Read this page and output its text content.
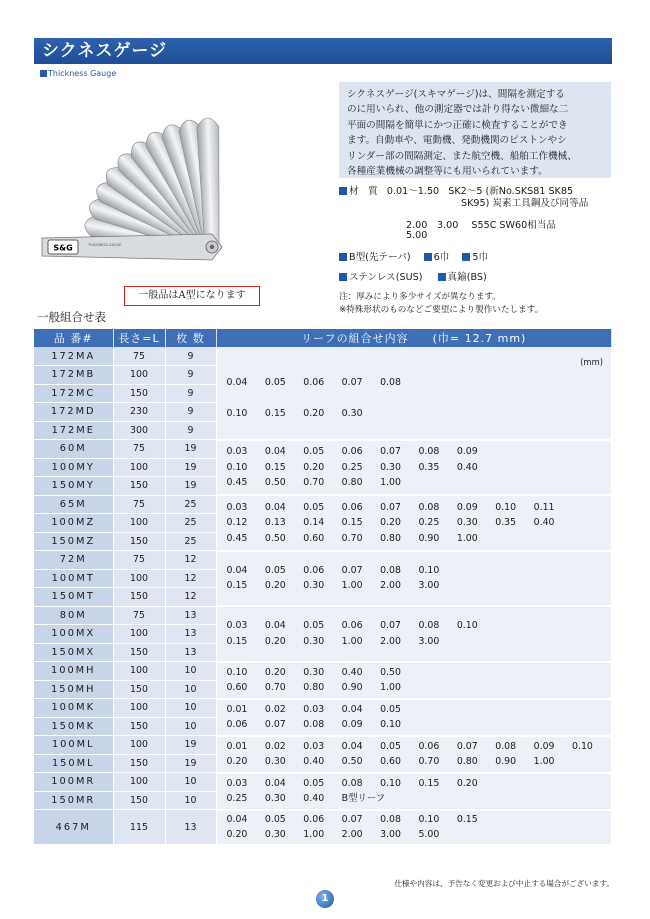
シクネスゲージ
Thickness Gauge
シクネスゲージ(スキマゲージ)は、間隔を測定する
のに用いられ、他の測定器では計り得ない微細な二
平面の間隔を簡単にかつ正確に検査することができ
ます。自動車や、電動機、発動機関のピストンやシ
リンダー部の間隔測定、また航空機、船舶工作機械、
各種産業機械の調整等にも用いられています。
S&G	THICKNESS GAUGE
一般品はA型になります
材　質 0.01〜1.50 SK2〜5 (新No.SKS81 SK85
SK95) 炭素工具鋼及び同等品
2.00　3.00 S55C SW60相当品
5.00
B型(先テーパ) 6巾 5巾
ステンレス(SUS)	真鍮(BS)
注：厚みにより多少サイズが異なります。
※特殊形状のものなどご要望により製作いたします。
一般組合せ表
品 番#	長さ=L	枚 数	リーフの組合せ内容　　(巾= 12.7 mm)
172MA	75	9	(mm)
0.04 0.05 0.06 0.07 0.08
0.10 0.15 0.20 0.30

172MB	100	9	
172MC	150	9	
172MD	230	9	
172ME	300	9	
60M	75	19	0.03 0.04 0.05 0.06 0.07 0.08 0.09
0.10 0.15 0.20 0.25 0.30 0.35 0.40
0.45 0.50 0.70 0.80 1.00

100MY	100	19	
150MY	150	19	
65M	75	25	0.03 0.04 0.05 0.06 0.07 0.08 0.09 0.10 0.11
0.12 0.13 0.14 0.15 0.20 0.25 0.30 0.35 0.40
0.45 0.50 0.60 0.70 0.80 0.90 1.00

100MZ	100	25	
150MZ	150	25	
72M	75	12	0.04 0.05 0.06 0.07 0.08 0.10
0.15 0.20 0.30 1.00 2.00 3.00

100MT	100	12	
150MT	150	12	
80M	75	13	0.03 0.04 0.05 0.06 0.07 0.08 0.10
0.15 0.20 0.30 1.00 2.00 3.00

100MX	100	13	
150MX	150	13	
100MH	100	10	0.10 0.20 0.30 0.40 0.50
0.60 0.70 0.80 0.90 1.00

150MH	150	10	
100MK	100	10	0.01 0.02 0.03 0.04 0.05
0.06 0.07 0.08 0.09 0.10

150MK	150	10	
100ML	100	19	0.01 0.02 0.03 0.04 0.05 0.06 0.07 0.08 0.09 0.10
0.20 0.30 0.40 0.50 0.60 0.70 0.80 0.90 1.00

150ML	150	19	
100MR	100	10	0.03 0.04 0.05 0.08 0.10 0.15 0.20
0.25 0.30 0.40 B型リーフ

150MR	150	10	
467M	115	13	0.04 0.05 0.06 0.07 0.08 0.10 0.15
0.20 0.30 1.00 2.00 3.00 5.00
仕様や内容は、予告なく変更および中止する場合がございます。
1
